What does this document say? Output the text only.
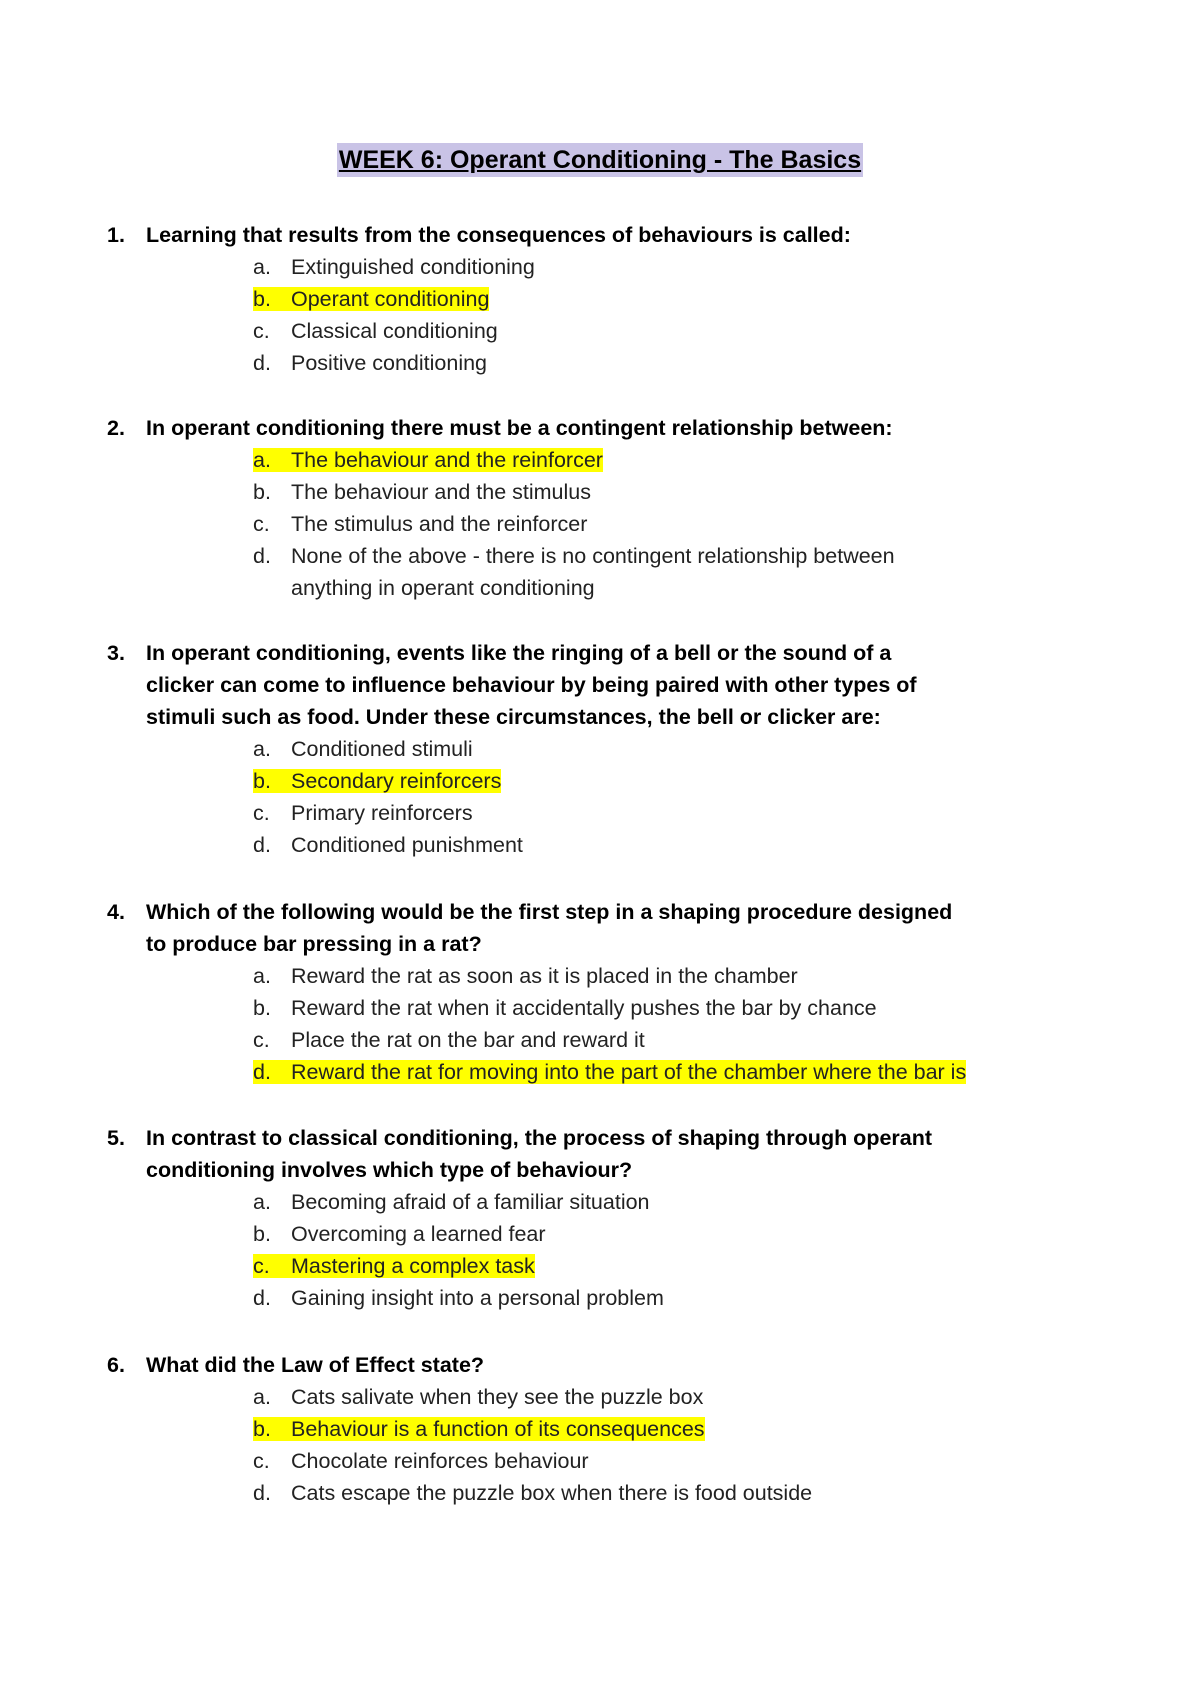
WEEK 6: Operant Conditioning - The Basics
1. Learning that results from the consequences of behaviours is called:
a. Extinguished conditioning
b. Operant conditioning
c. Classical conditioning
d. Positive conditioning
2. In operant conditioning there must be a contingent relationship between:
a. The behaviour and the reinforcer
b. The behaviour and the stimulus
c. The stimulus and the reinforcer
d. None of the above - there is no contingent relationship between
anything in operant conditioning
3. In operant conditioning, events like the ringing of a bell or the sound of a
clicker can come to influence behaviour by being paired with other types of
stimuli such as food. Under these circumstances, the bell or clicker are:
a. Conditioned stimuli
b. Secondary reinforcers
c. Primary reinforcers
d. Conditioned punishment
4. Which of the following would be the first step in a shaping procedure designed
to produce bar pressing in a rat?
a. Reward the rat as soon as it is placed in the chamber
b. Reward the rat when it accidentally pushes the bar by chance
c. Place the rat on the bar and reward it
d. Reward the rat for moving into the part of the chamber where the bar is
5. In contrast to classical conditioning, the process of shaping through operant
conditioning involves which type of behaviour?
a. Becoming afraid of a familiar situation
b. Overcoming a learned fear
c. Mastering a complex task
d. Gaining insight into a personal problem
6. What did the Law of Effect state?
a. Cats salivate when they see the puzzle box
b. Behaviour is a function of its consequences
c. Chocolate reinforces behaviour
d. Cats escape the puzzle box when there is food outside
